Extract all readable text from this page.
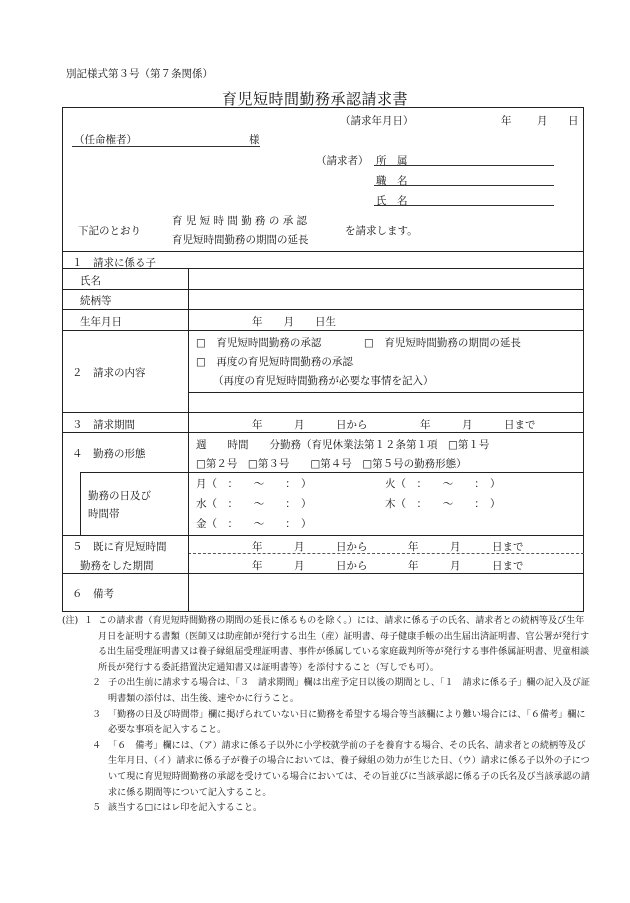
別記様式第３号（第７条関係）
育児短時間勤務承認請求書
（請求年月日）	年 月 日
（任命権者）	様
（請求者） 所　属
職　名
氏　名
下記のとおり
育 児 短 時 間 勤 務 の 承 認
育児短時間勤務の期間の延長
を請求します。
１　請求に係る子
氏名
続柄等
生年月日	年　　月　　日生
２　請求の内容
□　育児短時間勤務の承認	□　育児短時間勤務の期間の延長
□　再度の育児短時間勤務の承認
（再度の育児短時間勤務が必要な事情を記入）
３　請求期間	年　　　月　　　日から	年　　　月　　　日まで
４　勤務の形態
週　　時間　　分勤務（育児休業法第１２条第１項　□第１号
□第２号　□第３号　　□第４号　□第５号の勤務形態）
勤務の日及び
時間帯
月（　：　　～　　：　）	火（　：　　～　　：　）
水（　：　　～　　：　）	木（　：　　～　　：　）
金（　：　　～　　：　）
５　既に育児短時間
勤務をした期間
年　　　月　　　日から	年　　　月　　　日まで
年　　　月　　　日から	年　　　月　　　日まで
６　備考
(注) １ この請求書（育児短時間勤務の期間の延長に係るものを除く。）には、請求に係る子の氏名、請求者との続柄等及び生年月日を証明する書類（医師又は助産師が発行する出生（産）証明書、母子健康手帳の出生届出済証明書、官公署が発行する出生届受理証明書又は養子縁組届受理証明書、事件が係属している家庭裁判所等が発行する事件係属証明書、児童相談所長が発行する委託措置決定通知書又は証明書等）を添付すること（写しでも可）。
２ 子の出生前に請求する場合は、「３　請求期間」欄は出産予定日以後の期間とし、「１　請求に係る子」欄の記入及び証明書類の添付は、出生後、速やかに行うこと。
３ 「勤務の日及び時間帯」欄に掲げられていない日に勤務を希望する場合等当該欄により難い場合には、「６備考」欄に必要な事項を記入すること。
４ 「６　備考」欄には、（ア）請求に係る子以外に小学校就学前の子を養育する場合、その氏名、請求者との続柄等及び生年月日、（イ）請求に係る子が養子の場合においては、養子縁組の効力が生じた日、（ウ）請求に係る子以外の子について現に育児短時間勤務の承認を受けている場合においては、その旨並びに当該承認に係る子の氏名及び当該承認の請求に係る期間等について記入すること。
５ 該当する□にはレ印を記入すること。
